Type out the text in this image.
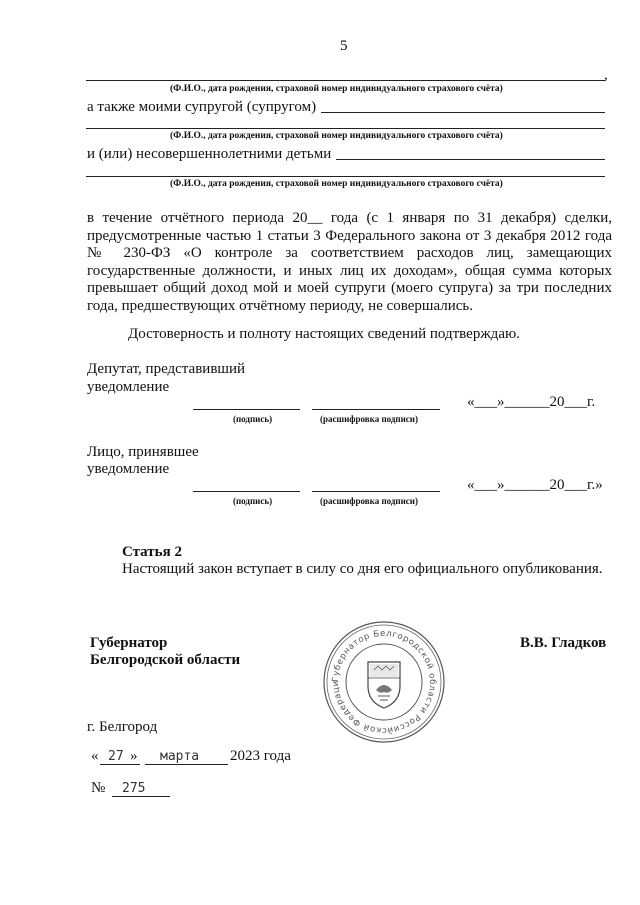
5
,
(Ф.И.О., дата рождения, страховой номер индивидуального страхового счёта)
а также моими супругой (супругом)
(Ф.И.О., дата рождения, страховой номер индивидуального страхового счёта)
и (или) несовершеннолетними детьми
(Ф.И.О., дата рождения, страховой номер индивидуального страхового счёта)
в течение отчётного периода 20__ года (с 1 января по 31 декабря) сделки, предусмотренные частью 1 статьи 3 Федерального закона от 3 декабря 2012 года № 230-ФЗ «О контроле за соответствием расходов лиц, замещающих государственные должности, и иных лиц их доходам», общая сумма которых превышает общий доход мой и моей супруги (моего супруга) за три последних года, предшествующих отчётному периоду, не совершались.
Достоверность и полноту настоящих сведений подтверждаю.
Депутат, представивший
уведомление
«___»______20___г.
(подпись)	(расшифровка подписи)
Лицо, принявшее
уведомление
«___»______20___г.»
(подпись)	(расшифровка подписи)
Статья 2
Настоящий закон вступает в силу со дня его официального опубликования.
Губернатор
Белгородской области
В.В. Гладков
Губернатор Белгородской области Российской Федераци
г. Белгород
« 27 » марта 2023 года
№ 275
